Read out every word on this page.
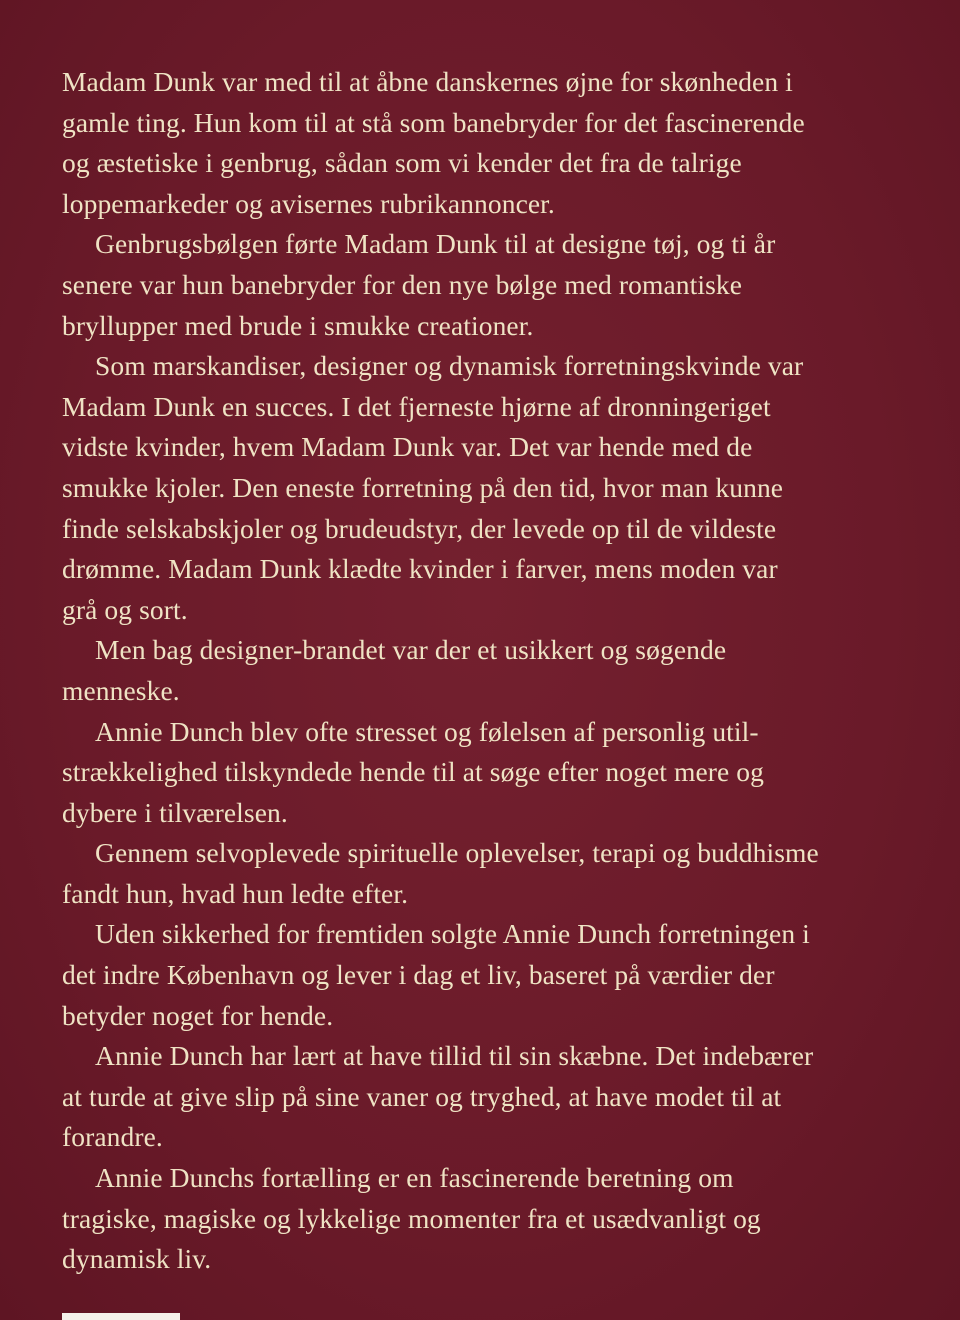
Madam Dunk var med til at åbne danskernes øjne for skønheden i
gamle ting. Hun kom til at stå som banebryder for det fascinerende
og æstetiske i genbrug, sådan som vi kender det fra de talrige
loppemarkeder og avisernes rubrikannoncer.
Genbrugsbølgen førte Madam Dunk til at designe tøj, og ti år
senere var hun banebryder for den nye bølge med romantiske
bryllupper med brude i smukke creationer.
Som marskandiser, designer og dynamisk forretningskvinde var
Madam Dunk en succes. I det fjerneste hjørne af dronningeriget
vidste kvinder, hvem Madam Dunk var. Det var hende med de
smukke kjoler. Den eneste forretning på den tid, hvor man kunne
finde selskabskjoler og brudeudstyr, der levede op til de vildeste
drømme. Madam Dunk klædte kvinder i farver, mens moden var
grå og sort.
Men bag designer-brandet var der et usikkert og søgende
menneske.
Annie Dunch blev ofte stresset og følelsen af personlig util-
strækkelighed tilskyndede hende til at søge efter noget mere og
dybere i tilværelsen.
Gennem selvoplevede spirituelle oplevelser, terapi og buddhisme
fandt hun, hvad hun ledte efter.
Uden sikkerhed for fremtiden solgte Annie Dunch forretningen i
det indre København og lever i dag et liv, baseret på værdier der
betyder noget for hende.
Annie Dunch har lært at have tillid til sin skæbne. Det indebærer
at turde at give slip på sine vaner og tryghed, at have modet til at
forandre.
Annie Dunchs fortælling er en fascinerende beretning om
tragiske, magiske og lykkelige momenter fra et usædvanligt og
dynamisk liv.
